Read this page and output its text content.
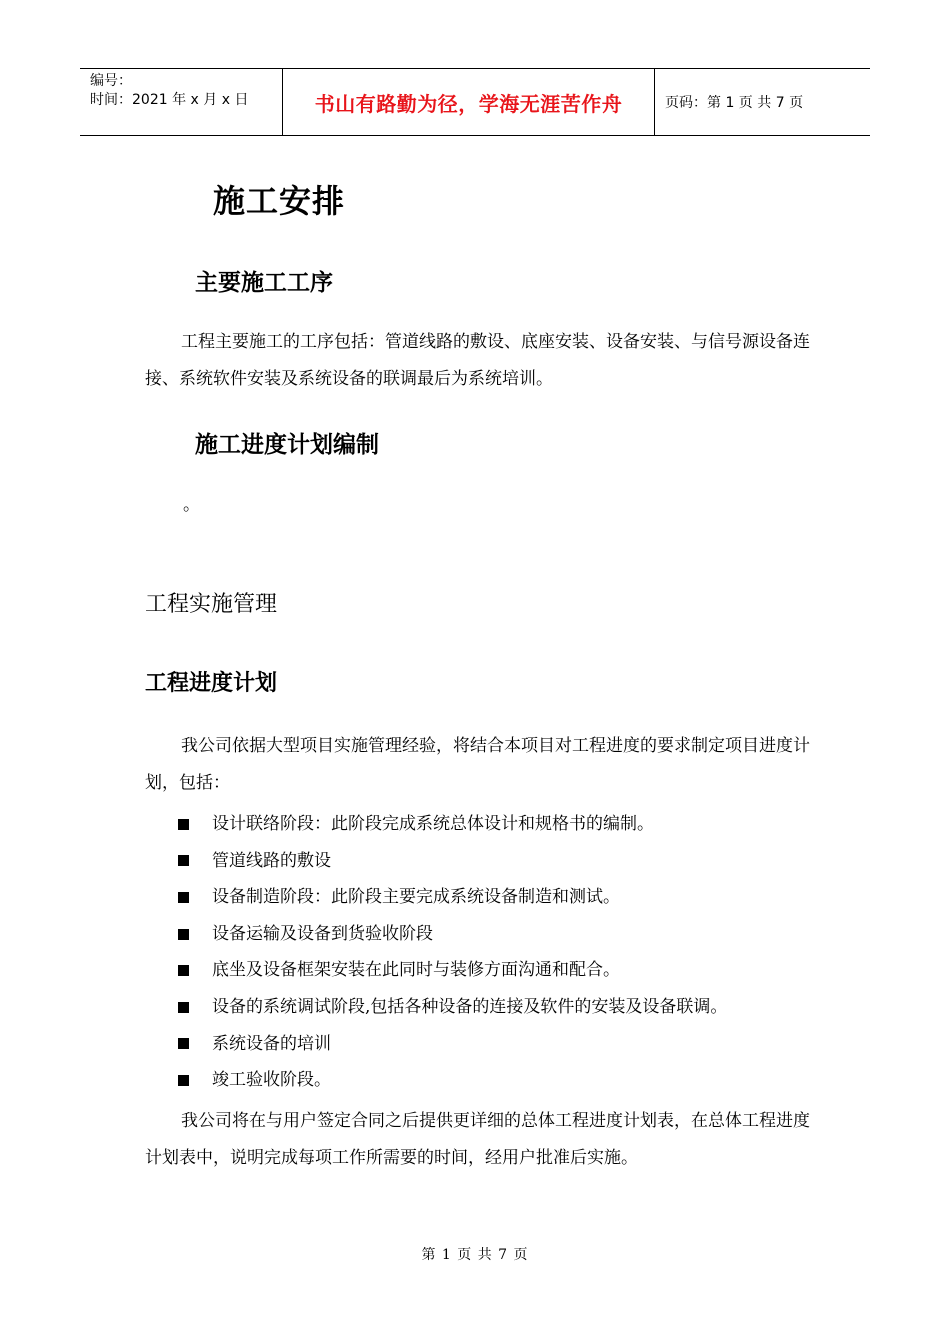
编号：
时间：2021 年 x 月 x 日	书山有路勤为径，学海无涯苦作舟	页码：第 1 页 共 7 页
施工安排
主要施工工序
工程主要施工的工序包括：管道线路的敷设、底座安装、设备安装、与信号源设备连接、系统软件安装及系统设备的联调最后为系统培训。
施工进度计划编制
。
工程实施管理
工程进度计划
我公司依据大型项目实施管理经验，将结合本项目对工程进度的要求制定项目进度计划，包括：
设计联络阶段：此阶段完成系统总体设计和规格书的编制。
管道线路的敷设
设备制造阶段：此阶段主要完成系统设备制造和测试。
设备运输及设备到货验收阶段
底坐及设备框架安装在此同时与装修方面沟通和配合。
设备的系统调试阶段,包括各种设备的连接及软件的安装及设备联调。
系统设备的培训
竣工验收阶段。
我公司将在与用户签定合同之后提供更详细的总体工程进度计划表，在总体工程进度计划表中，说明完成每项工作所需要的时间，经用户批准后实施。
第 1 页 共 7 页
